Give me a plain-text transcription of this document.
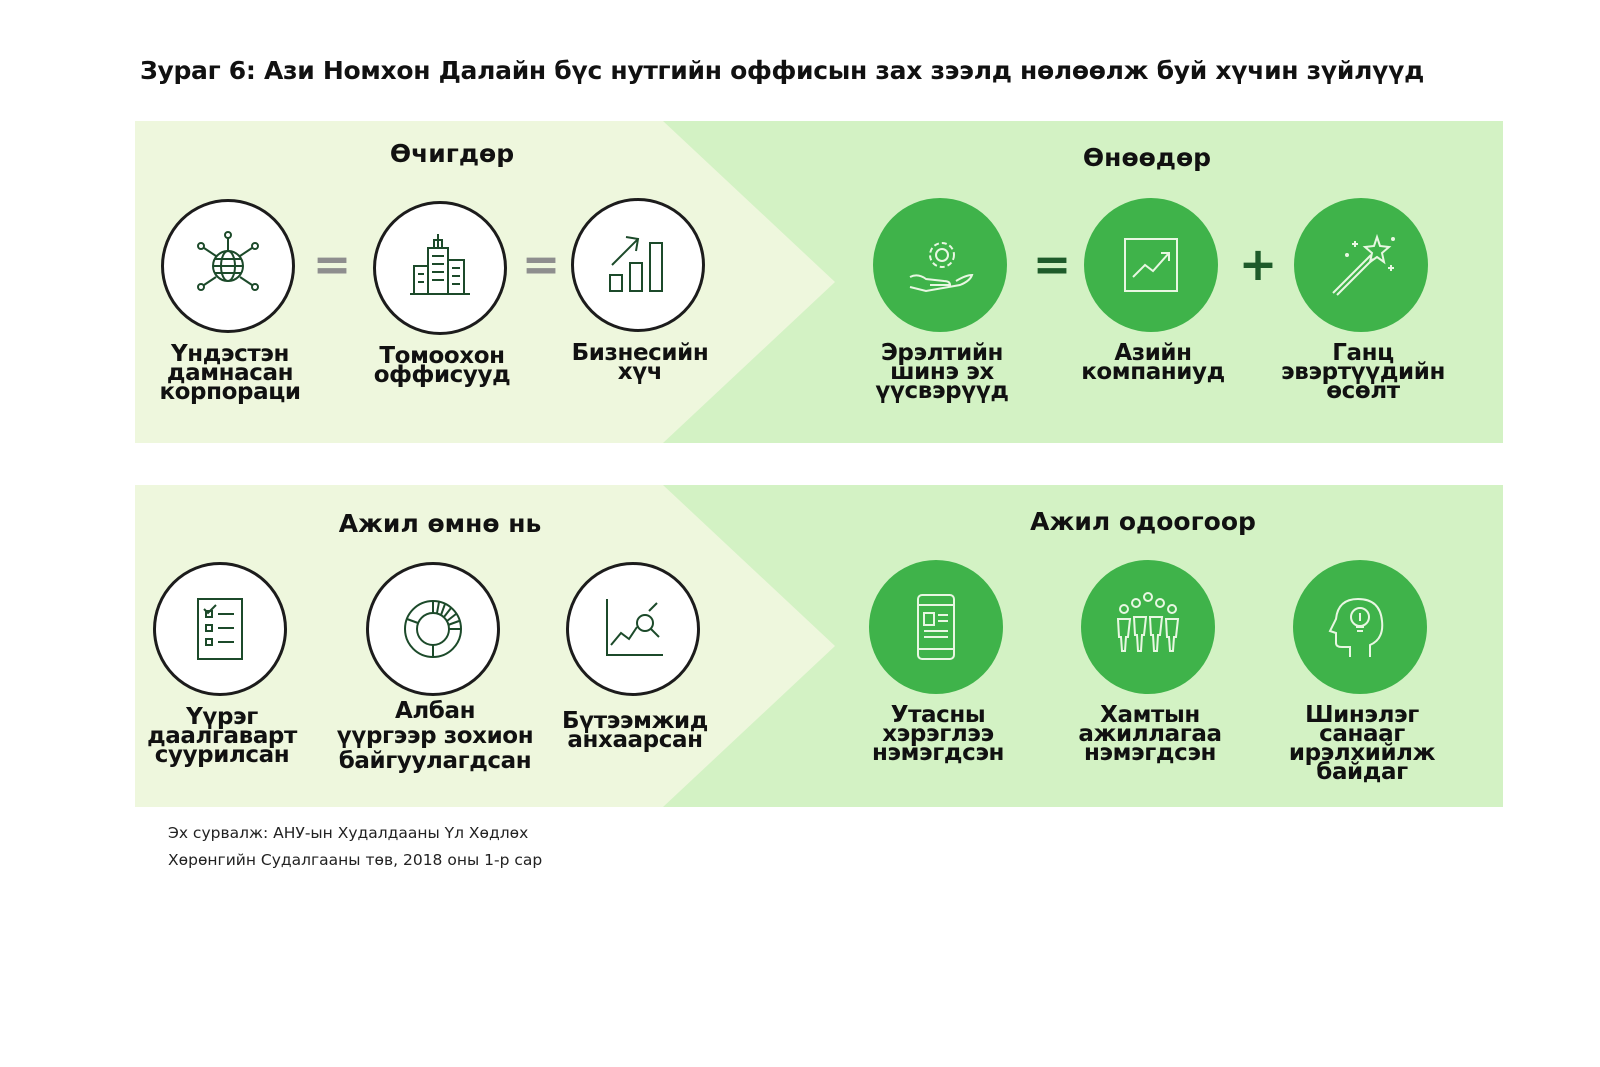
Зураг 6: Ази Номхон Далайн бүс нутгийн оффисын зах зээлд нөлөөлж буй хүчин зүйлүүд
Өчигдөр	Өнөөдөр
Үндэстэн
дамнасан
корпораци
=
Томоохон
оффисууд
=
Бизнесийн
хүч
Эрэлтийн
шинэ эх
үүсвэрүүд
=
Азийн
компаниуд
+
Ганц
эвэртүүдийн
өсөлт
Ажил өмнө нь	Ажил одоогоор
Үүрэг
даалгаварт
суурилсан
Албан
үүргээр зохион
байгуулагдсан
Бүтээмжид
анхаарсан
Утасны
хэрэглээ
нэмэгдсэн
Хамтын
ажиллагаа
нэмэгдсэн
Шинэлэг
санааг
ирэлхийлж
байдаг
Эх сурвалж: АНУ-ын Худалдааны Үл Хөдлөх
Хөрөнгийн Судалгааны төв, 2018 оны 1-р сар
